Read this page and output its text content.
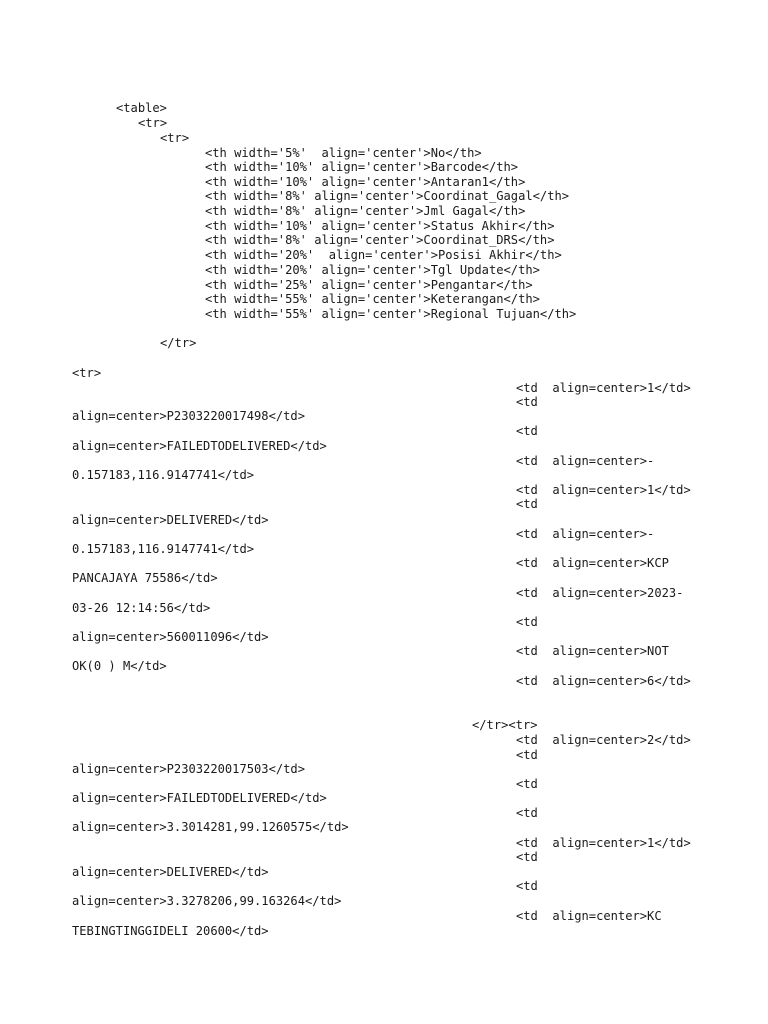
<table>
<tr>
<tr>
<th width='5%'  align='center'>No</th>
<th width='10%' align='center'>Barcode</th>
<th width='10%' align='center'>Antaran1</th>
<th width='8%' align='center'>Coordinat_Gagal</th>
<th width='8%' align='center'>Jml Gagal</th>
<th width='10%' align='center'>Status Akhir</th>
<th width='8%' align='center'>Coordinat_DRS</th>
<th width='20%'  align='center'>Posisi Akhir</th>
<th width='20%' align='center'>Tgl Update</th>
<th width='25%' align='center'>Pengantar</th>
<th width='55%' align='center'>Keterangan</th>
<th width='55%' align='center'>Regional Tujuan</th>
</tr>
<tr>
<td  align=center>1</td>
<td
align=center>P2303220017498</td>
<td
align=center>FAILEDTODELIVERED</td>
<td  align=center>-
0.157183,116.9147741</td>
<td  align=center>1</td>
<td
align=center>DELIVERED</td>
<td  align=center>-
0.157183,116.9147741</td>
<td  align=center>KCP
PANCAJAYA 75586</td>
<td  align=center>2023-
03-26 12:14:56</td>
<td
align=center>560011096</td>
<td  align=center>NOT
OK(0 ) M</td>
<td  align=center>6</td>
</tr><tr>
<td  align=center>2</td>
<td
align=center>P2303220017503</td>
<td
align=center>FAILEDTODELIVERED</td>
<td
align=center>3.3014281,99.1260575</td>
<td  align=center>1</td>
<td
align=center>DELIVERED</td>
<td
align=center>3.3278206,99.163264</td>
<td  align=center>KC
TEBINGTINGGIDELI 20600</td>
